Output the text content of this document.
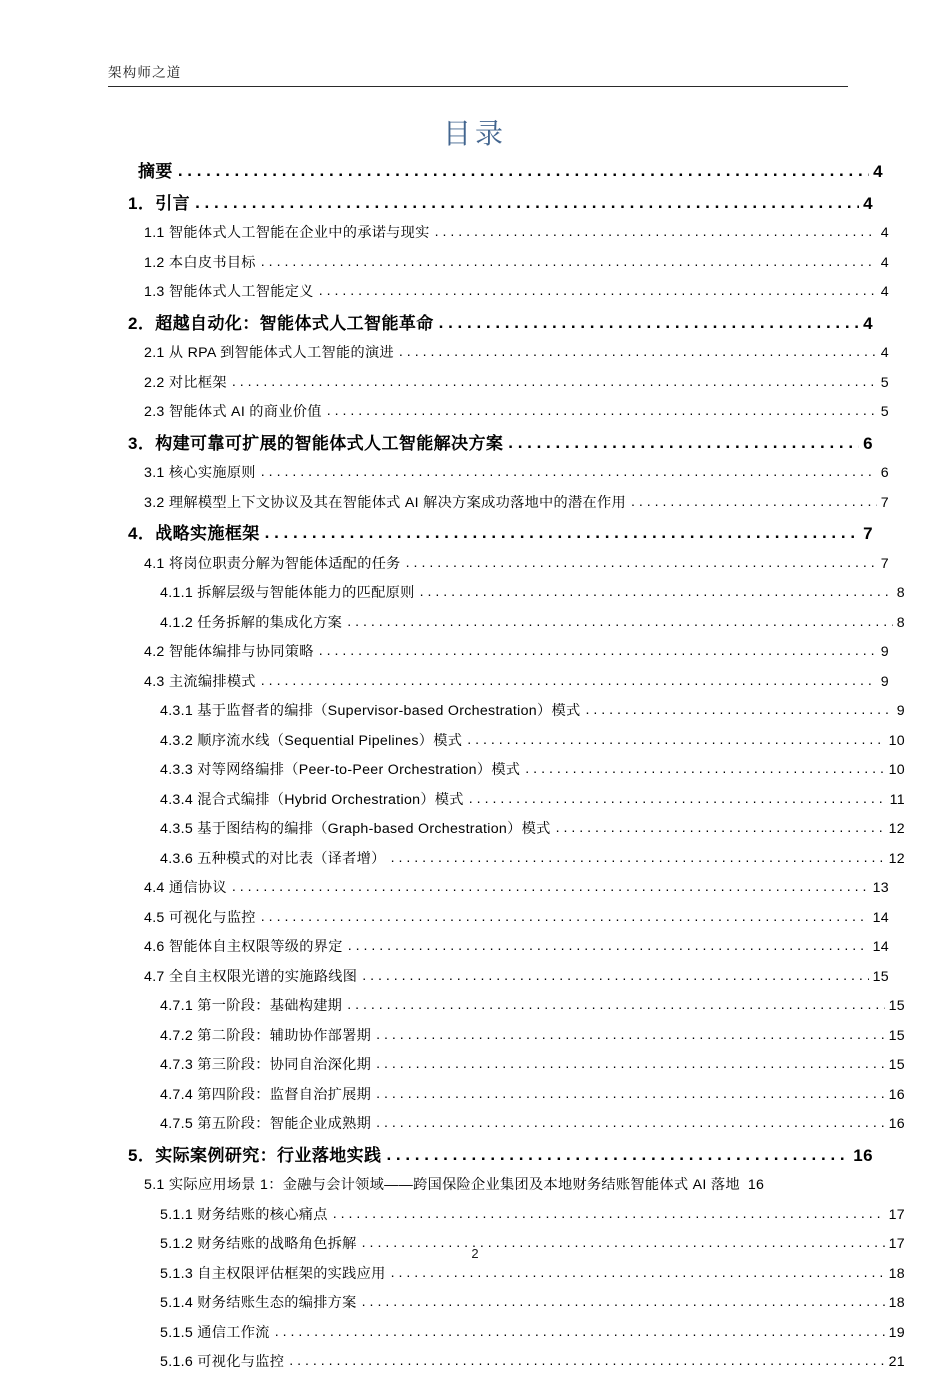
架构师之道
目录
摘要 . . .	4
1．引言 . . .	4
1.1 智能体式人工智能在企业中的承诺与现实 . . .	4
1.2 本白皮书目标 . . .	4
1.3 智能体式人工智能定义 . . .	4
2．超越自动化：智能体式人工智能革命 . . .	4
2.1 从 RPA 到智能体式人工智能的演进 . . .	4
2.2 对比框架 . . .	5
2.3 智能体式 AI 的商业价值 . . .	5
3．构建可靠可扩展的智能体式人工智能解决方案 . . .	6
3.1 核心实施原则 . . .	6
3.2 理解模型上下文协议及其在智能体式 AI 解决方案成功落地中的潜在作用 . . .	7
4．战略实施框架 . . .	7
4.1 将岗位职责分解为智能体适配的任务 . . .	7
4.1.1 拆解层级与智能体能力的匹配原则 . . .	8
4.1.2 任务拆解的集成化方案 . . .	8
4.2 智能体编排与协同策略 . . .	9
4.3 主流编排模式 . . .	9
4.3.1 基于监督者的编排（Supervisor-based Orchestration）模式 . . .	9
4.3.2 顺序流水线（Sequential Pipelines）模式 . . .	10
4.3.3 对等网络编排（Peer-to-Peer Orchestration）模式 . . .	10
4.3.4 混合式编排（Hybrid Orchestration）模式 . . .	11
4.3.5 基于图结构的编排（Graph-based Orchestration）模式 . . .	12
4.3.6 五种模式的对比表（译者增） . . .	12
4.4 通信协议 . . .	13
4.5 可视化与监控 . . .	14
4.6 智能体自主权限等级的界定 . . .	14
4.7 全自主权限光谱的实施路线图 . . .	15
4.7.1 第一阶段：基础构建期 . . .	15
4.7.2 第二阶段：辅助协作部署期 . . .	15
4.7.3 第三阶段：协同自治深化期 . . .	15
4.7.4 第四阶段：监督自治扩展期 . . .	16
4.7.5 第五阶段：智能企业成熟期 . . .	16
5．实际案例研究：行业落地实践 . . .	16
5.1 实际应用场景 1：金融与会计领域——跨国保险企业集团及本地财务结账智能体式 AI 落地 16
5.1.1 财务结账的核心痛点 . . .	17
5.1.2 财务结账的战略角色拆解 . . .	17
5.1.3 自主权限评估框架的实践应用 . . .	18
5.1.4 财务结账生态的编排方案 . . .	18
5.1.5 通信工作流 . . .	19
5.1.6 可视化与监控 . . .	21
2
